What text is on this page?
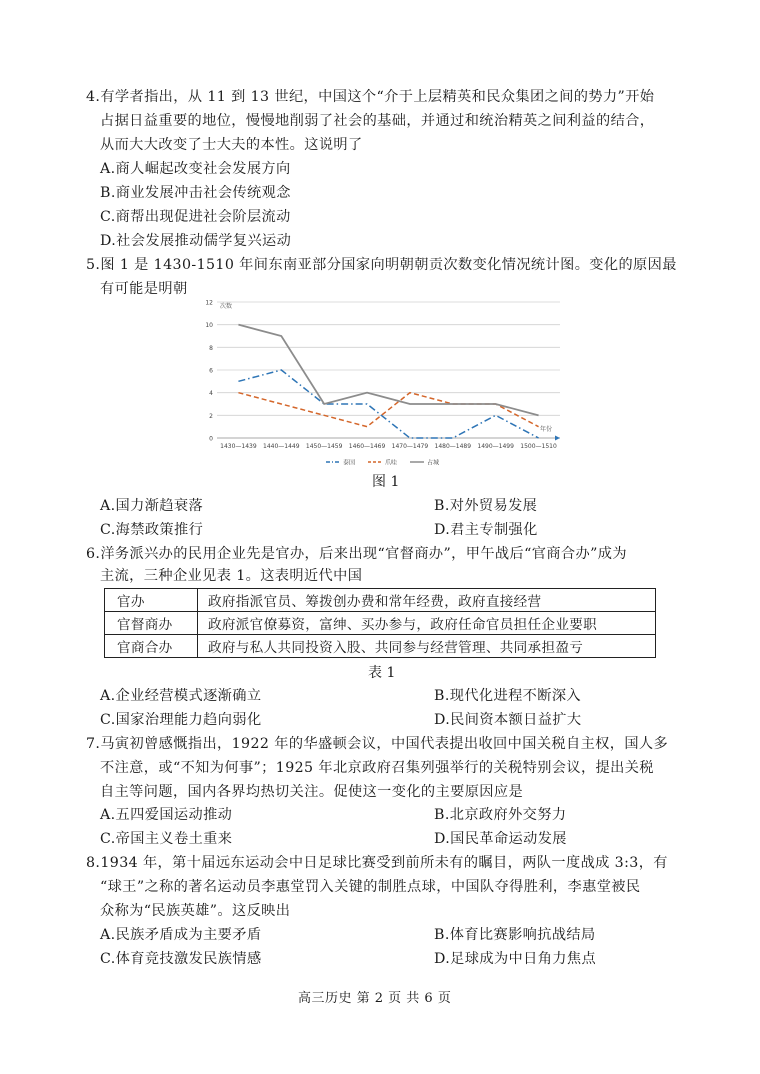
4.有学者指出，从 11 到 13 世纪，中国这个“介于上层精英和民众集团之间的势力”开始
占据日益重要的地位，慢慢地削弱了社会的基础，并通过和统治精英之间利益的结合，
从而大大改变了士大夫的本性。这说明了
A.商人崛起改变社会发展方向
B.商业发展冲击社会传统观念
C.商帮出现促进社会阶层流动
D.社会发展推动儒学复兴运动
5.图 1 是 1430-1510 年间东南亚部分国家向明朝朝贡次数变化情况统计图。变化的原因最
有可能是明朝
0
2
4
6
8
10
12
1430—1439 1440—1449 1450—1459 1460—1469 1470—1479 1480—1489 1490—1499 1500—1510
次数
年份
泰国	爪哇	占城
图 1
A.国力渐趋衰落	B.对外贸易发展
C.海禁政策推行	D.君主专制强化
6.洋务派兴办的民用企业先是官办，后来出现“官督商办”，甲午战后“官商合办”成为
主流，三种企业见表 1。这表明近代中国
官办	政府指派官员、筹拨创办费和常年经费，政府直接经营
官督商办	政府派官僚募资，富绅、买办参与，政府任命官员担任企业要职
官商合办	政府与私人共同投资入股、共同参与经营管理、共同承担盈亏
表 1
A.企业经营模式逐渐确立	B.现代化进程不断深入
C.国家治理能力趋向弱化	D.民间资本额日益扩大
7.马寅初曾感慨指出，1922 年的华盛顿会议，中国代表提出收回中国关税自主权，国人多
不注意，或“不知为何事”；1925 年北京政府召集列强举行的关税特别会议，提出关税
自主等问题，国内各界均热切关注。促使这一变化的主要原因应是
A.五四爱国运动推动	B.北京政府外交努力
C.帝国主义卷土重来	D.国民革命运动发展
8.1934 年，第十届远东运动会中日足球比赛受到前所未有的瞩目，两队一度战成 3:3，有
“球王”之称的著名运动员李惠堂罚入关键的制胜点球，中国队夺得胜利，李惠堂被民
众称为“民族英雄”。这反映出
A.民族矛盾成为主要矛盾	B.体育比赛影响抗战结局
C.体育竞技激发民族情感	D.足球成为中日角力焦点
高三历史 第 2 页 共 6 页
